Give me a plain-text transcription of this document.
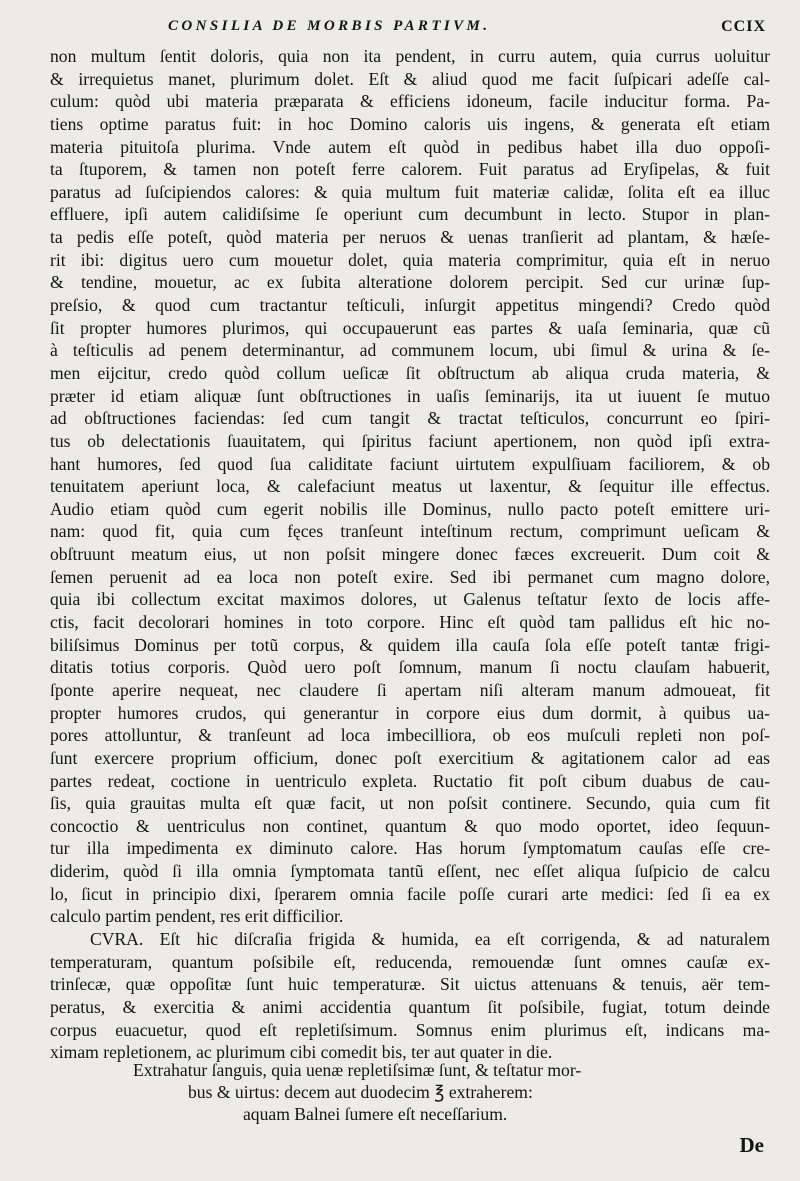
CONSILIA DE MORBIS PARTIVM.	CCIX
non multum ſentit doloris, quia non ita pendent, in curru autem, quia currus uoluitur
& irrequietus manet, plurimum dolet. Eſt & aliud quod me facit ſuſpicari adeſſe cal-
culum: quòd ubi materia præparata & efficiens idoneum, facile inducitur forma. Pa-
tiens optime paratus fuit: in hoc Domino caloris uis ingens, & generata eſt etiam
materia pituitoſa plurima. Vnde autem eſt quòd in pedibus habet illa duo oppoſi-
ta ſtuporem, & tamen non poteſt ferre calorem. Fuit paratus ad Eryſipelas, & fuit
paratus ad ſuſcipiendos calores: & quia multum fuit materiæ calidæ, ſolita eſt ea illuc
effluere, ipſi autem calidiſsime ſe operiunt cum decumbunt in lecto. Stupor in plan-
ta pedis eſſe poteſt, quòd materia per neruos & uenas tranſierit ad plantam, & hæſe-
rit ibi: digitus uero cum mouetur dolet, quia materia comprimitur, quia eſt in neruo
& tendine, mouetur, ac ex ſubita alteratione dolorem percipit. Sed cur urinæ ſup-
preſsio, & quod cum tractantur teſticuli, inſurgit appetitus mingendi? Credo quòd
ſit propter humores plurimos, qui occupauerunt eas partes & uaſa ſeminaria, quæ cũ
à teſticulis ad penem determinantur, ad communem locum, ubi ſimul & urina & ſe-
men eijcitur, credo quòd collum ueſicæ ſit obſtructum ab aliqua cruda materia, &
præter id etiam aliquæ ſunt obſtructiones in uaſis ſeminarijs, ita ut iuuent ſe mutuo
ad obſtructiones faciendas: ſed cum tangit & tractat teſticulos, concurrunt eo ſpiri-
tus ob delectationis ſuauitatem, qui ſpiritus faciunt apertionem, non quòd ipſi extra-
hant humores, ſed quod ſua caliditate faciunt uirtutem expulſiuam faciliorem, & ob
tenuitatem aperiunt loca, & calefaciunt meatus ut laxentur, & ſequitur ille effectus.
Audio etiam quòd cum egerit nobilis ille Dominus, nullo pacto poteſt emittere uri-
nam: quod fit, quia cum fęces tranſeunt inteſtinum rectum, comprimunt ueſicam &
obſtruunt meatum eius, ut non poſsit mingere donec fæces excreuerit. Dum coit &
ſemen peruenit ad ea loca non poteſt exire. Sed ibi permanet cum magno dolore,
quia ibi collectum excitat maximos dolores, ut Galenus teſtatur ſexto de locis affe-
ctis, facit decolorari homines in toto corpore. Hinc eſt quòd tam pallidus eſt hic no-
biliſsimus Dominus per totũ corpus, & quidem illa cauſa ſola eſſe poteſt tantæ frigi-
ditatis totius corporis. Quòd uero poſt ſomnum, manum ſi noctu clauſam habuerit,
ſponte aperire nequeat, nec claudere ſi apertam niſi alteram manum admoueat, fit
propter humores crudos, qui generantur in corpore eius dum dormit, à quibus ua-
pores attolluntur, & tranſeunt ad loca imbecilliora, ob eos muſculi repleti non poſ-
ſunt exercere proprium officium, donec poſt exercitium & agitationem calor ad eas
partes redeat, coctione in uentriculo expleta. Ructatio fit poſt cibum duabus de cau-
ſis, quia grauitas multa eſt quæ facit, ut non poſsit continere. Secundo, quia cum fit
concoctio & uentriculus non continet, quantum & quo modo oportet, ideo ſequun-
tur illa impedimenta ex diminuto calore. Has horum ſymptomatum cauſas eſſe cre-
diderim, quòd ſi illa omnia ſymptomata tantũ eſſent, nec eſſet aliqua ſuſpicio de calcu
lo, ſicut in principio dixi, ſperarem omnia facile poſſe curari arte medici: ſed ſi ea ex
calculo partim pendent, res erit difficilior.
CVRA. Eſt hic diſcraſia frigida & humida, ea eſt corrigenda, & ad naturalem
temperaturam, quantum poſsibile eſt, reducenda, remouendæ ſunt omnes cauſæ ex-
trinſecæ, quæ oppoſitæ ſunt huic temperaturæ. Sit uictus attenuans & tenuis, aër tem-
peratus, & exercitia & animi accidentia quantum ſit poſsibile, fugiat, totum deinde
corpus euacuetur, quod eſt repletiſsimum. Somnus enim plurimus eſt, indicans ma-
ximam repletionem, ac plurimum cibi comedit bis, ter aut quater in die.
Extrahatur ſanguis, quia uenæ repletiſsimæ ſunt, & teſtatur mor-
bus & uirtus: decem aut duodecim ℥ extraherem:
aquam Balnei ſumere eſt neceſſarium.
De
